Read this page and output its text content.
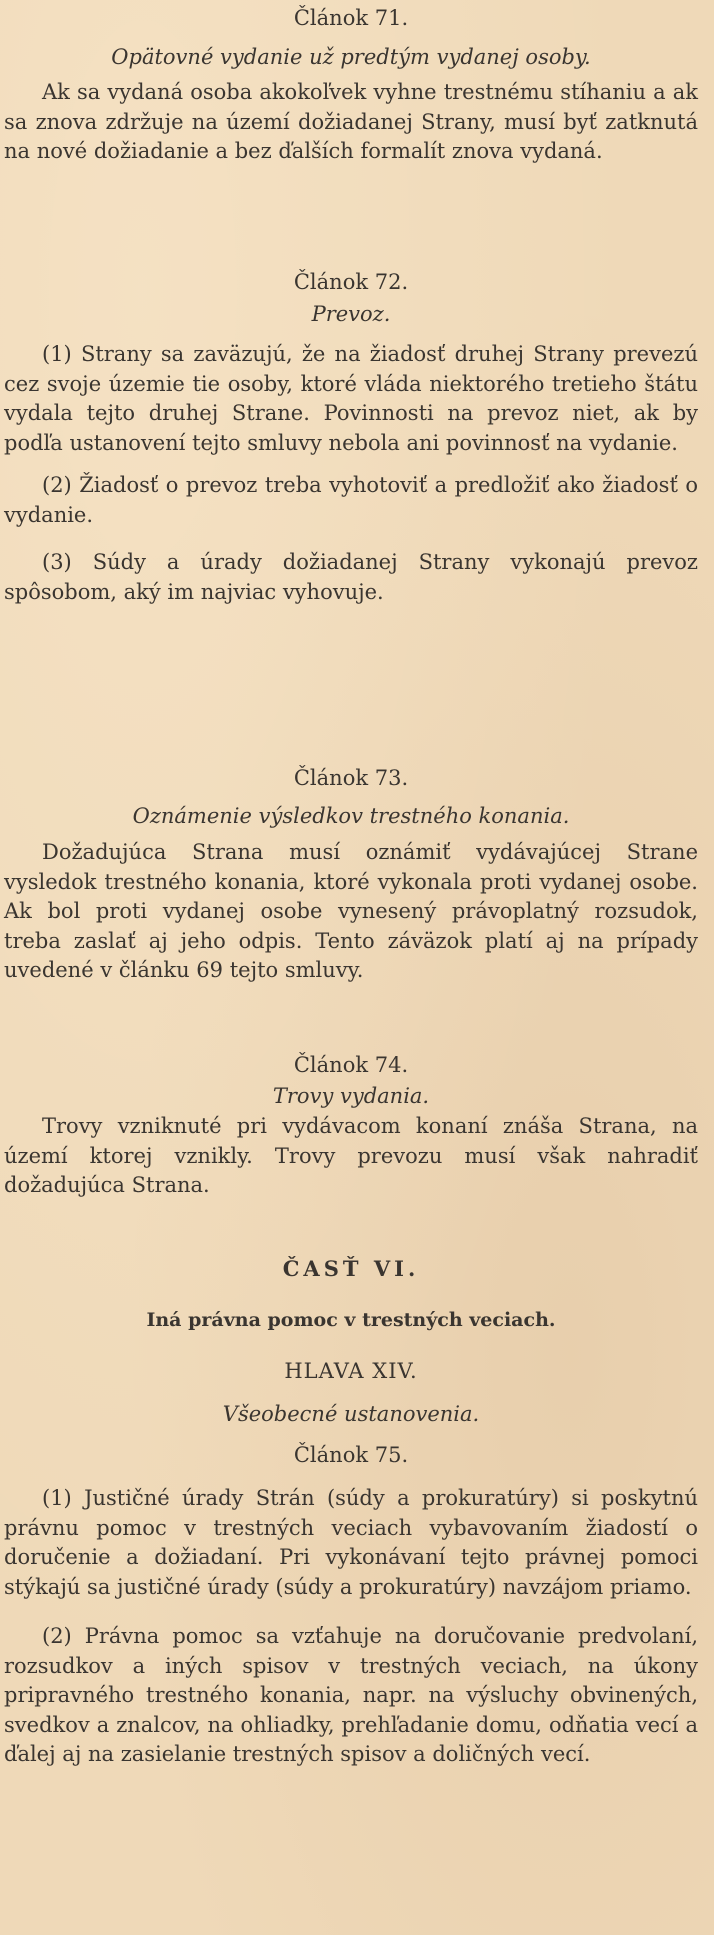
Článok 71.

Opätovné vydanie už predtým vydanej osoby.

Ak sa vydaná osoba akokoľvek vyhne trestnému stíhaniu a ak sa znova zdržuje na území dožiadanej Strany, musí byť zatknutá na nové dožiadanie a bez ďalších formalít znova vydaná.

Článok 72.

Prevoz.

(1) Strany sa zaväzujú, že na žiadosť druhej Strany prevezú cez svoje územie tie osoby, ktoré vláda niektorého tretieho štátu vydala tejto druhej Strane. Povinnosti na prevoz niet, ak by podľa ustanovení tejto smluvy nebola ani povinnosť na vydanie.

(2) Žiadosť o prevoz treba vyhotoviť a predložiť ako žiadosť o vydanie.

(3) Súdy a úrady dožiadanej Strany vykonajú prevoz spôsobom, aký im najviac vyhovuje.

Článok 73.

Oznámenie výsledkov trestného konania.

Dožadujúca Strana musí oznámiť vydávajúcej Strane vysledok trestného konania, ktoré vykonala proti vydanej osobe. Ak bol proti vydanej osobe vynesený právoplatný rozsudok, treba zaslať aj jeho odpis. Tento záväzok platí aj na prípady uvedené v článku 69 tejto smluvy.

Článok 74.

Trovy vydania.

Trovy vzniknuté pri vydávacom konaní znáša Strana, na území ktorej vznikly. Trovy prevozu musí však nahradiť dožadujúca Strana.

ČASŤ VI.

Iná právna pomoc v trestných veciach.

HLAVA XIV.

Všeobecné ustanovenia.

Článok 75.

(1) Justičné úrady Strán (súdy a prokuratúry) si poskytnú právnu pomoc v trestných veciach vybavovaním žiadostí o doručenie a dožiadaní. Pri vykonávaní tejto právnej pomoci stýkajú sa justičné úrady (súdy a prokuratúry) navzájom priamo.

(2) Právna pomoc sa vzťahuje na doručovanie predvolaní, rozsudkov a iných spisov v trestných veciach, na úkony pripravného trestného konania, napr. na výsluchy obvinených, svedkov a znalcov, na ohliadky, prehľadanie domu, odňatia vecí a ďalej aj na zasielanie trestných spisov a doličných vecí.
